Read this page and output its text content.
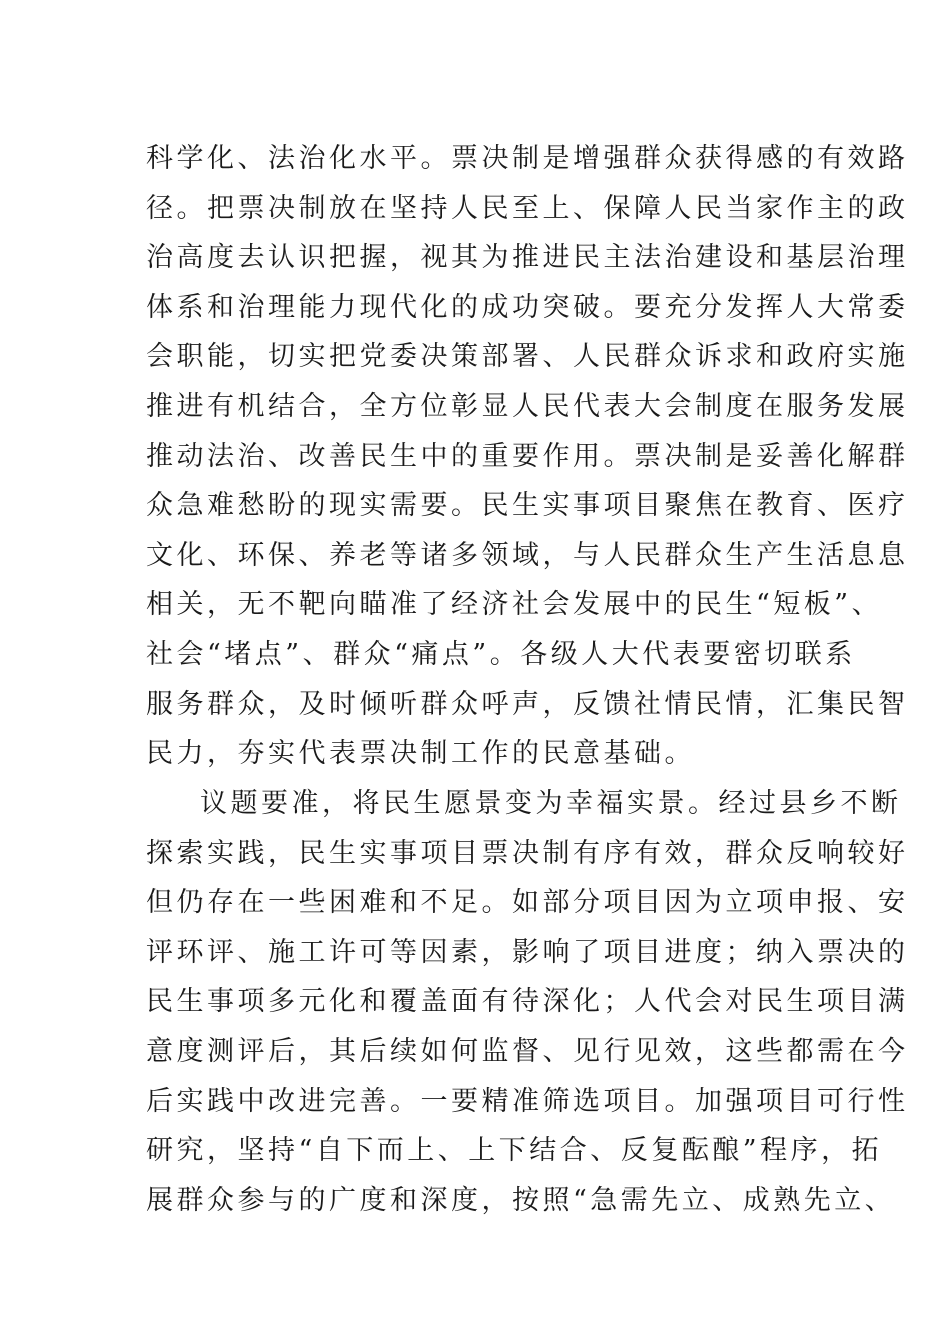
科学化、法治化水平。票决制是增强群众获得感的有效路
径。把票决制放在坚持人民至上、保障人民当家作主的政
治高度去认识把握，视其为推进民主法治建设和基层治理
体系和治理能力现代化的成功突破。要充分发挥人大常委
会职能，切实把党委决策部署、人民群众诉求和政府实施
推进有机结合，全方位彰显人民代表大会制度在服务发展
推动法治、改善民生中的重要作用。票决制是妥善化解群
众急难愁盼的现实需要。民生实事项目聚焦在教育、医疗
文化、环保、养老等诸多领域，与人民群众生产生活息息
相关，无不靶向瞄准了经济社会发展中的民生“短板”、
社会“堵点”、群众“痛点”。各级人大代表要密切联系
服务群众，及时倾听群众呼声，反馈社情民情，汇集民智
民力，夯实代表票决制工作的民意基础。
议题要准，将民生愿景变为幸福实景。经过县乡不断
探索实践，民生实事项目票决制有序有效，群众反响较好
但仍存在一些困难和不足。如部分项目因为立项申报、安
评环评、施工许可等因素，影响了项目进度；纳入票决的
民生事项多元化和覆盖面有待深化；人代会对民生项目满
意度测评后，其后续如何监督、见行见效，这些都需在今
后实践中改进完善。一要精准筛选项目。加强项目可行性
研究，坚持“自下而上、上下结合、反复酝酿”程序，拓
展群众参与的广度和深度，按照“急需先立、成熟先立、
